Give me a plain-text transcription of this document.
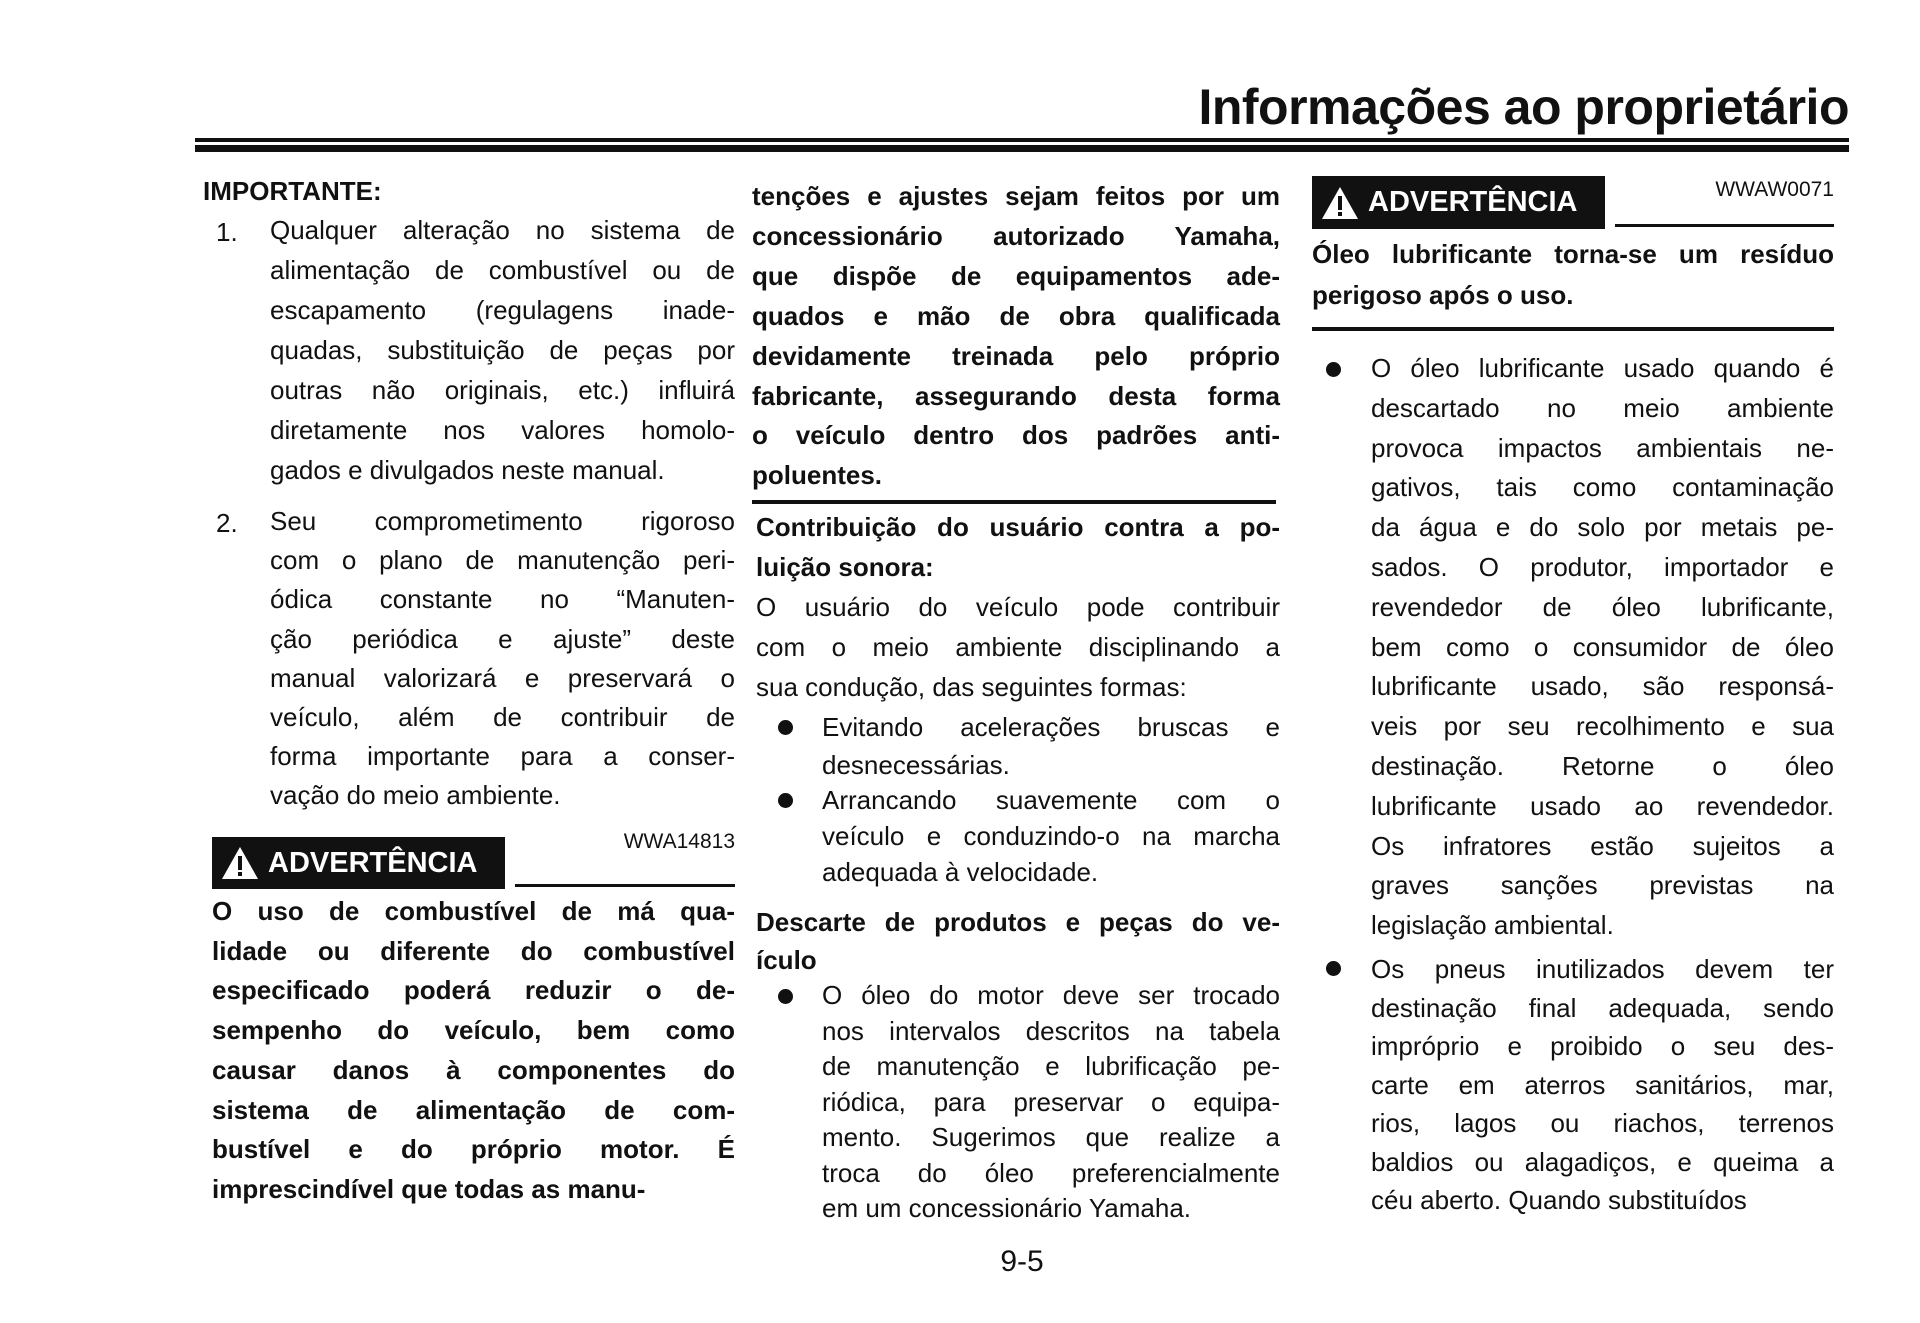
Informações ao proprietário
IMPORTANTE:
1. Qualquer alteração no sistema de
alimentação de combustível ou de
escapamento (regulagens inade-
quadas, substituição de peças por
outras não originais, etc.) influirá
diretamente nos valores homolo-
gados e divulgados neste manual.
2. Seu comprometimento rigoroso
com o plano de manutenção peri-
ódica constante no “Manuten-
ção periódica e ajuste” deste
manual valorizará e preservará o
veículo, além de contribuir de
forma importante para a conser-
vação do meio ambiente.
ADVERTÊNCIA
WWA14813
O uso de combustível de má qua-
lidade ou diferente do combustível
especificado poderá reduzir o de-
sempenho do veículo, bem como
causar danos à componentes do
sistema de alimentação de com-
bustível e do próprio motor. É
imprescindível que todas as manu-
tenções e ajustes sejam feitos por um
concessionário autorizado Yamaha,
que dispõe de equipamentos ade-
quados e mão de obra qualificada
devidamente treinada pelo próprio
fabricante, assegurando desta forma
o veículo dentro dos padrões anti-
poluentes.
Contribuição do usuário contra a po-
luição sonora:
O usuário do veículo pode contribuir
com o meio ambiente disciplinando a
sua condução, das seguintes formas:
Evitando acelerações bruscas e
desnecessárias.
Arrancando suavemente com o
veículo e conduzindo-o na marcha
adequada à velocidade.
Descarte de produtos e peças do ve-
ículo
O óleo do motor deve ser trocado
nos intervalos descritos na tabela
de manutenção e lubrificação pe-
riódica, para preservar o equipa-
mento. Sugerimos que realize a
troca do óleo preferencialmente
em um concessionário Yamaha.
9-5
ADVERTÊNCIA	WWAW0071
Óleo lubrificante torna-se um resíduo
perigoso após o uso.
O óleo lubrificante usado quando é
descartado no meio ambiente
provoca impactos ambientais ne-
gativos, tais como contaminação
da água e do solo por metais pe-
sados. O produtor, importador e
revendedor de óleo lubrificante,
bem como o consumidor de óleo
lubrificante usado, são responsá-
veis por seu recolhimento e sua
destinação. Retorne o óleo
lubrificante usado ao revendedor.
Os infratores estão sujeitos a
graves sanções previstas na
legislação ambiental.
Os pneus inutilizados devem ter
destinação final adequada, sendo
impróprio e proibido o seu des-
carte em aterros sanitários, mar,
rios, lagos ou riachos, terrenos
baldios ou alagadiços, e queima a
céu aberto. Quando substituídos
